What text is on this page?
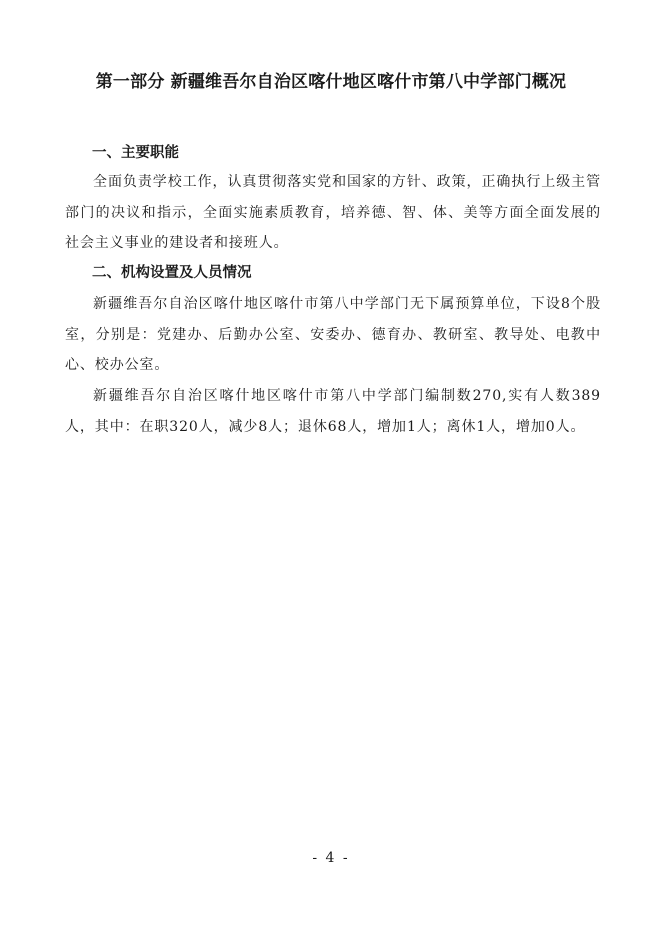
第一部分 新疆维吾尔自治区喀什地区喀什市第八中学部门概况
一、主要职能
全面负责学校工作，认真贯彻落实党和国家的方针、政策，正确执行上级主管部门的决议和指示，全面实施素质教育，培养德、智、体、美等方面全面发展的社会主义事业的建设者和接班人。
二、机构设置及人员情况
新疆维吾尔自治区喀什地区喀什市第八中学部门无下属预算单位，下设8个股室，分别是：党建办、后勤办公室、安委办、德育办、教研室、教导处、电教中心、校办公室。
新疆维吾尔自治区喀什地区喀什市第八中学部门编制数270,实有人数389人，其中：在职320人，减少8人；退休68人，增加1人；离休1人，增加0人。
- 4 -
